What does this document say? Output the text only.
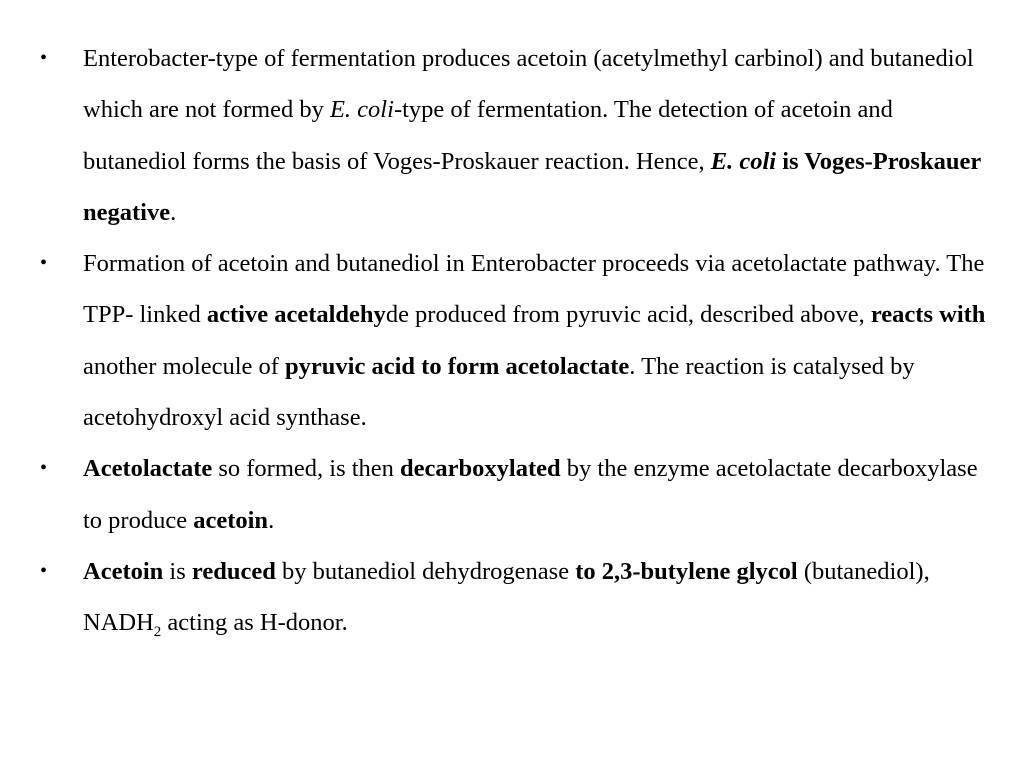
•	Enterobacter-type of fermentation produces acetoin (acetylmethyl carbinol) and butanediol which are not formed by E. coli-type of fermentation. The detection of acetoin and butanediol forms the basis of Voges-Proskauer reaction. Hence, E. coli is Voges-Proskauer negative.
•	Formation of acetoin and butanediol in Enterobacter proceeds via acetolactate pathway. The TPP- linked active acetaldehyde produced from pyruvic acid, described above, reacts with another molecule of pyruvic acid to form acetolactate. The reaction is catalysed by acetohydroxyl acid synthase.
•	Acetolactate so formed, is then decarboxylated by the enzyme acetolactate decarboxylase to produce acetoin.
•	Acetoin is reduced by butanediol dehydrogenase to 2,3-butylene glycol (butanediol), $NADH_2$ acting as H-donor.
